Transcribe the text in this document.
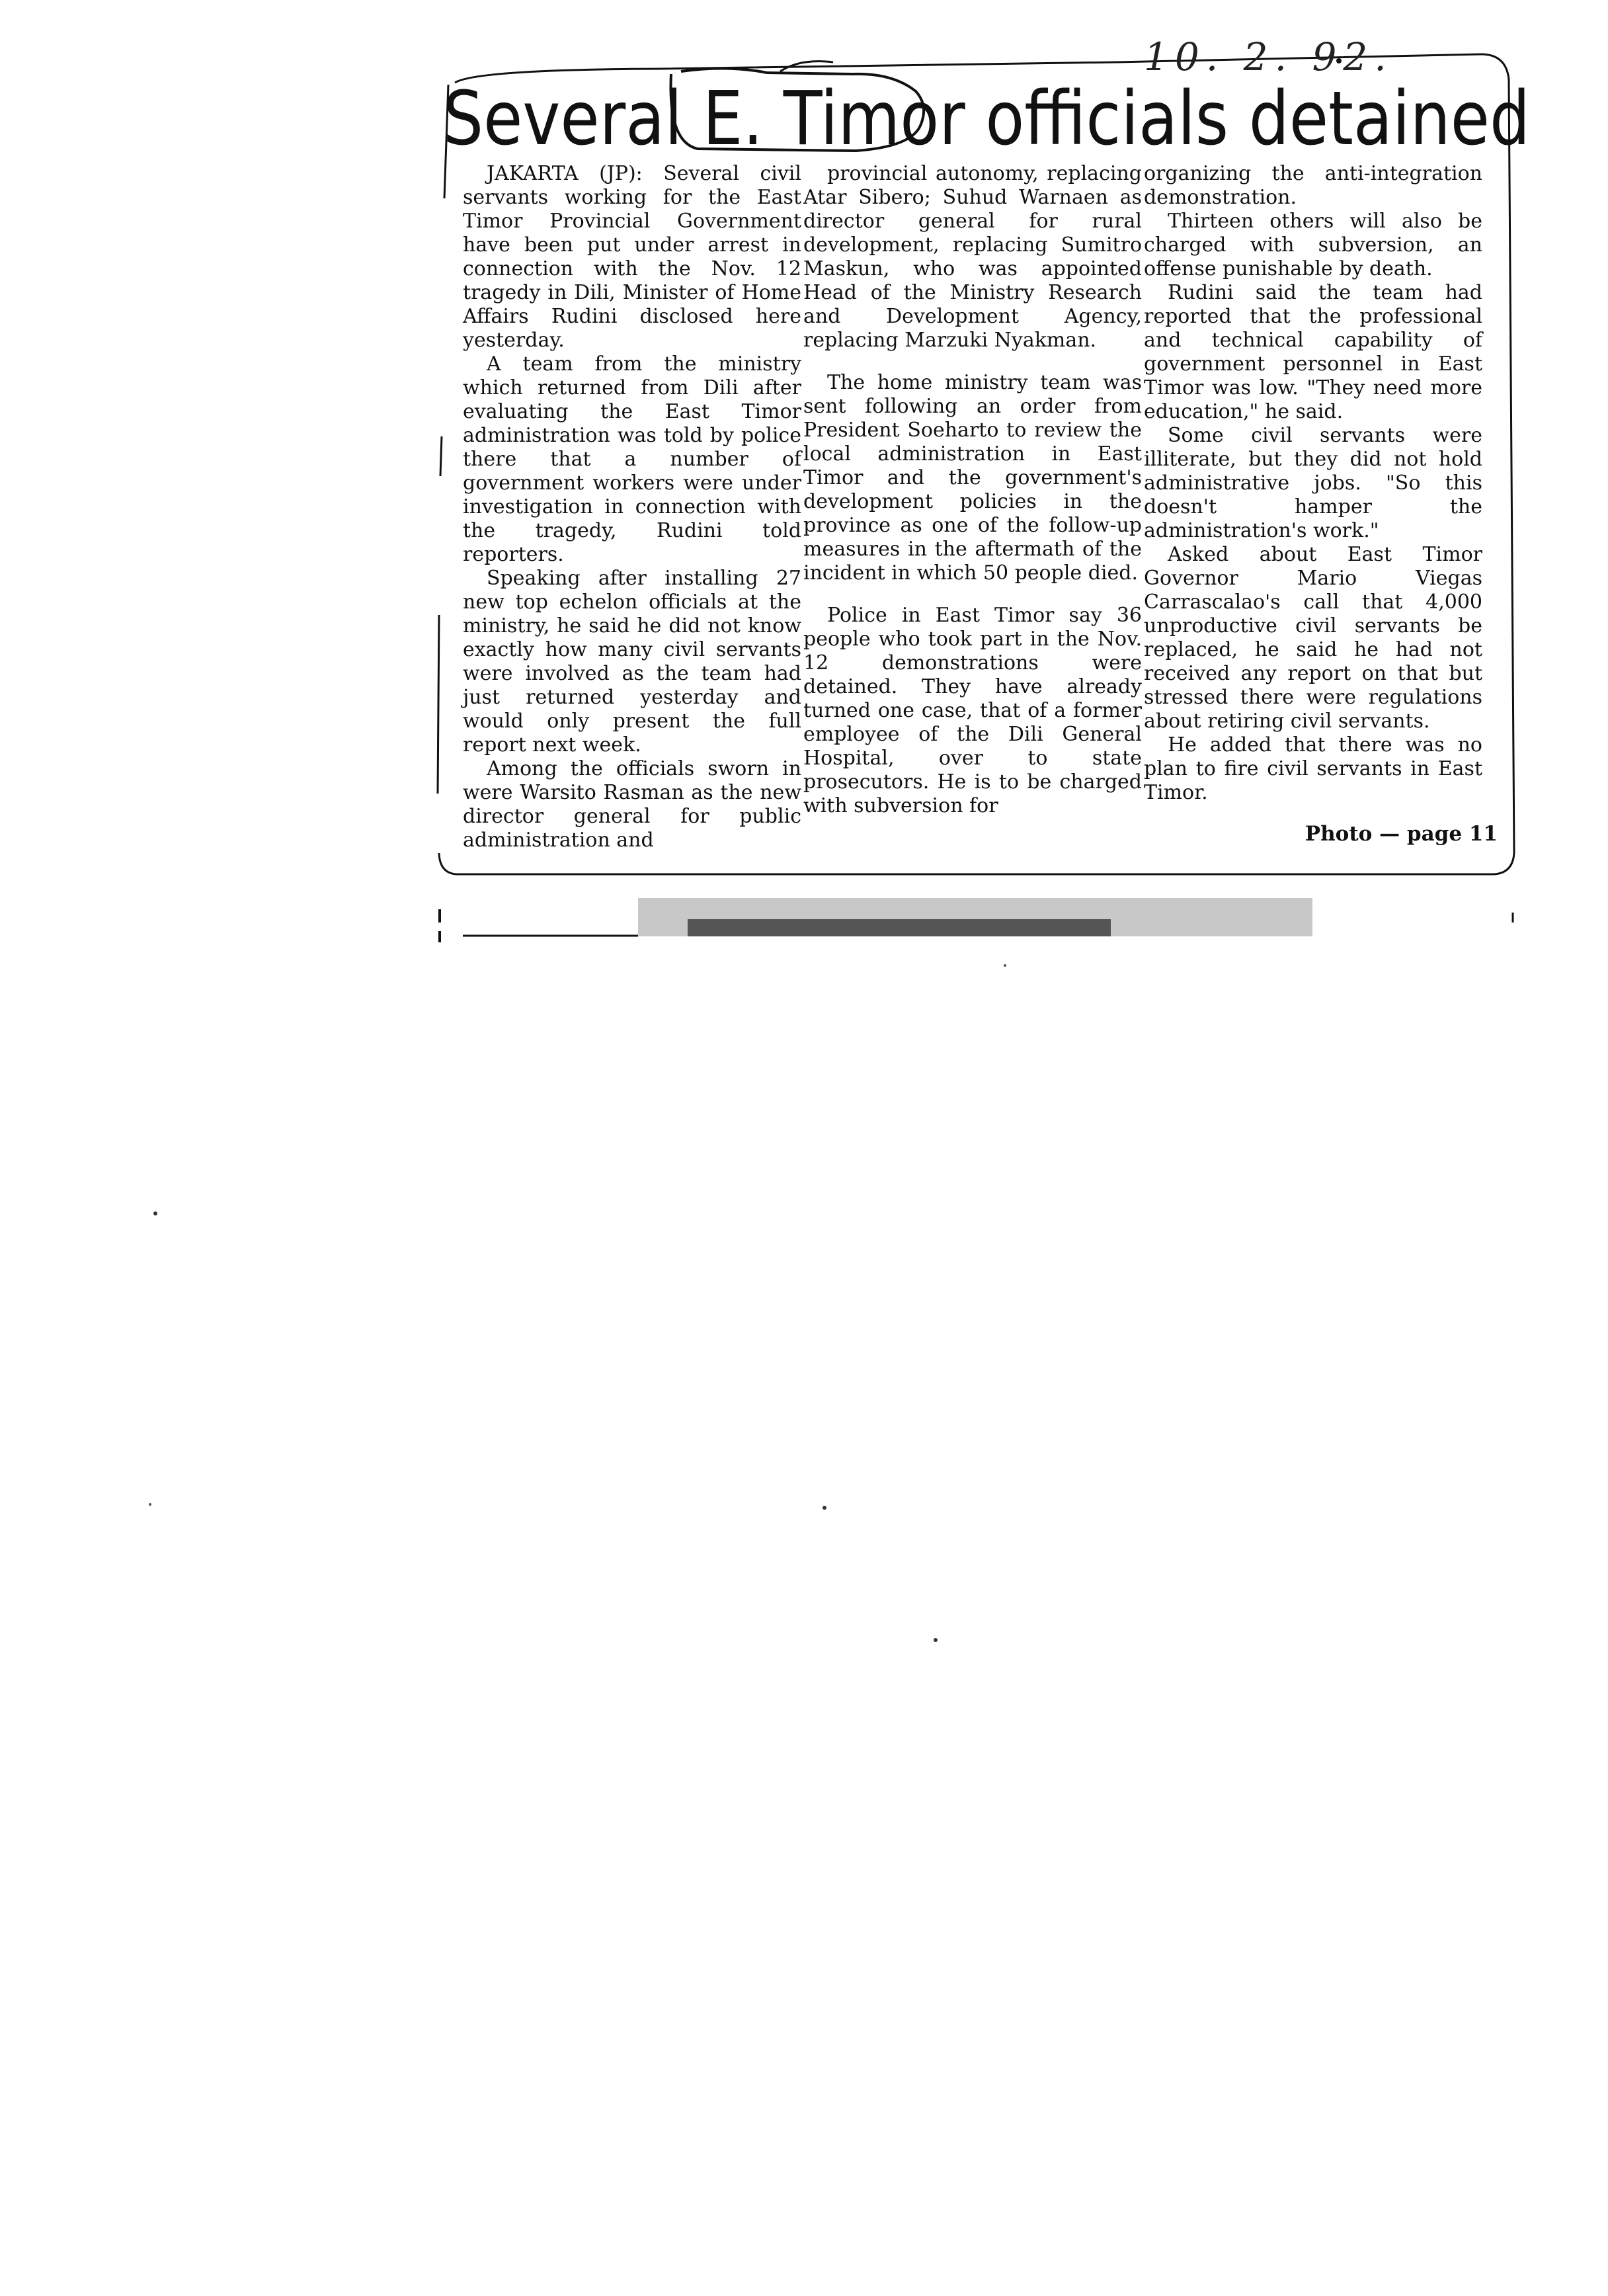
10. 2. 92.
Several E. Timor officials detained

JAKARTA (JP): Several civil servants working for the East Timor Provincial Government have been put under arrest in connection with the Nov. 12 tragedy in Dili, Minister of Home Affairs Rudini disclosed here yesterday.

A team from the ministry which returned from Dili after evaluating the East Timor administration was told by police there that a number of government workers were under investigation in connection with the tragedy, Rudini told reporters.

Speaking after installing 27 new top echelon officials at the ministry, he said he did not know exactly how many civil servants were involved as the team had just returned yesterday and would only present the full report next week.

Among the officials sworn in were Warsito Rasman as the new director general for public administration and

provincial autonomy, replacing Atar Sibero; Suhud Warnaen as director general for rural development, replacing Sumitro Maskun, who was appointed Head of the Ministry Research and Development Agency, replacing Marzuki Nyakman.

The home ministry team was sent following an order from President Soeharto to review the local administration in East Timor and the government's development policies in the province as one of the follow-up measures in the aftermath of the incident in which 50 people died.

Police in East Timor say 36 people who took part in the Nov. 12 demonstrations were detained. They have already turned one case, that of a former employee of the Dili General Hospital, over to state prosecutors. He is to be charged with subversion for

organizing the anti-integration demonstration.

Thirteen others will also be charged with subversion, an offense punishable by death.

Rudini said the team had reported that the professional and technical capability of government personnel in East Timor was low. "They need more education," he said.

Some civil servants were illiterate, but they did not hold administrative jobs. "So this doesn't hamper the administration's work."

Asked about East Timor Governor Mario Viegas Carrascalao's call that 4,000 unproductive civil servants be replaced, he said he had not received any report on that but stressed there were regulations about retiring civil servants.

He added that there was no plan to fire civil servants in East Timor.

Photo — page 11
